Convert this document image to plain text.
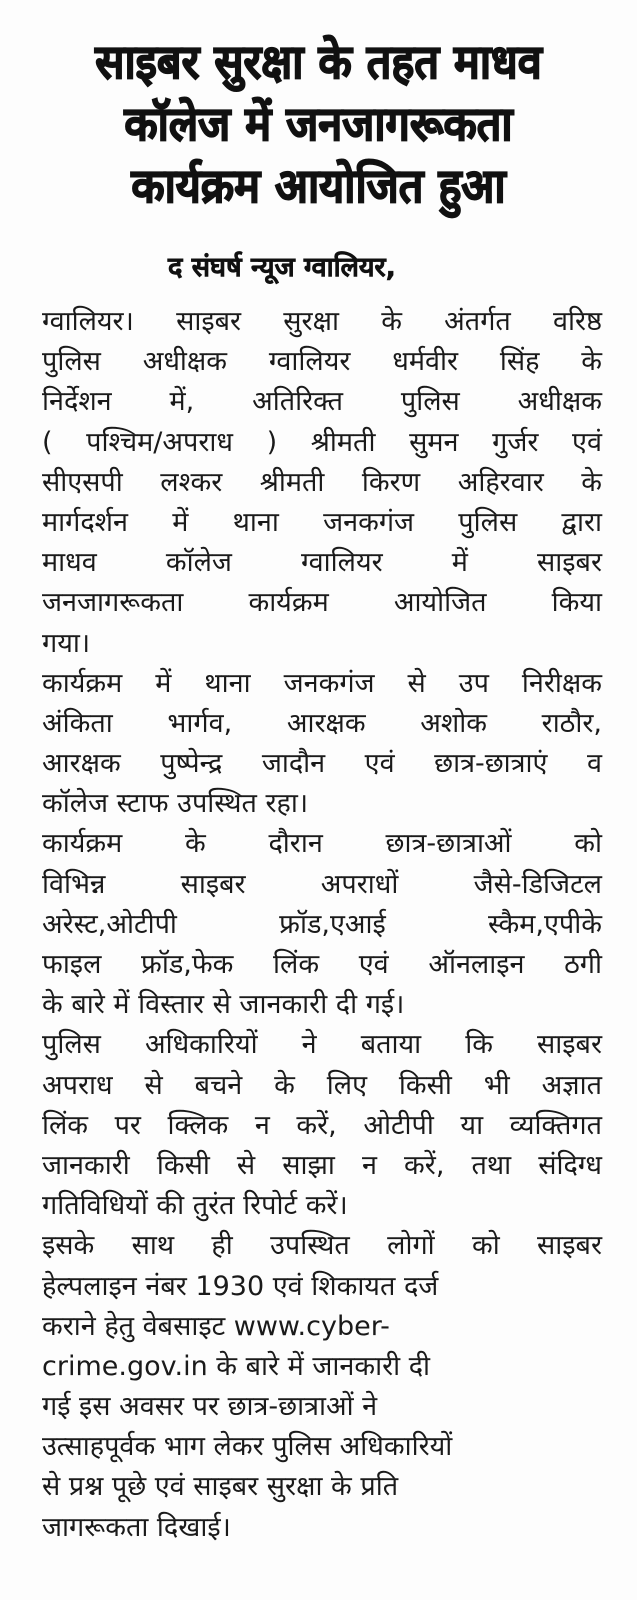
साइबर सुरक्षा के तहत माधव
कॉलेज में जनजागरूकता
कार्यक्रम आयोजित हुआ

द संघर्ष न्यूज ग्वालियर,

ग्वालियर। साइबर सुरक्षा के अंतर्गत वरिष्ठ
पुलिस अधीक्षक ग्वालियर धर्मवीर सिंह के
निर्देशन में, अतिरिक्त पुलिस अधीक्षक
( पश्चिम/अपराध ) श्रीमती सुमन गुर्जर एवं
सीएसपी लश्कर श्रीमती किरण अहिरवार के
मार्गदर्शन में थाना जनकगंज पुलिस द्वारा
माधव कॉलेज ग्वालियर में साइबर
जनजागरूकता कार्यक्रम आयोजित किया
गया।
कार्यक्रम में थाना जनकगंज से उप निरीक्षक
अंकिता भार्गव, आरक्षक अशोक राठौर,
आरक्षक पुष्पेन्द्र जादौन एवं छात्र-छात्राएं व
कॉलेज स्टाफ उपस्थित रहा।
कार्यक्रम के दौरान छात्र-छात्राओं को
विभिन्न साइबर अपराधों जैसे-डिजिटल
अरेस्ट,ओटीपी फ्रॉड,एआई स्कैम,एपीके
फाइल फ्रॉड,फेक लिंक एवं ऑनलाइन ठगी
के बारे में विस्तार से जानकारी दी गई।
पुलिस अधिकारियों ने बताया कि साइबर
अपराध से बचने के लिए किसी भी अज्ञात
लिंक पर क्लिक न करें, ओटीपी या व्यक्तिगत
जानकारी किसी से साझा न करें, तथा संदिग्ध
गतिविधियों की तुरंत रिपोर्ट करें।
इसके साथ ही उपस्थित लोगों को साइबर
हेल्पलाइन नंबर 1930 एवं शिकायत दर्ज
कराने हेतु वेबसाइट www.cyber-
crime.gov.in के बारे में जानकारी दी
गई इस अवसर पर छात्र-छात्राओं ने
उत्साहपूर्वक भाग लेकर पुलिस अधिकारियों
से प्रश्न पूछे एवं साइबर सुरक्षा के प्रति
जागरूकता दिखाई।
